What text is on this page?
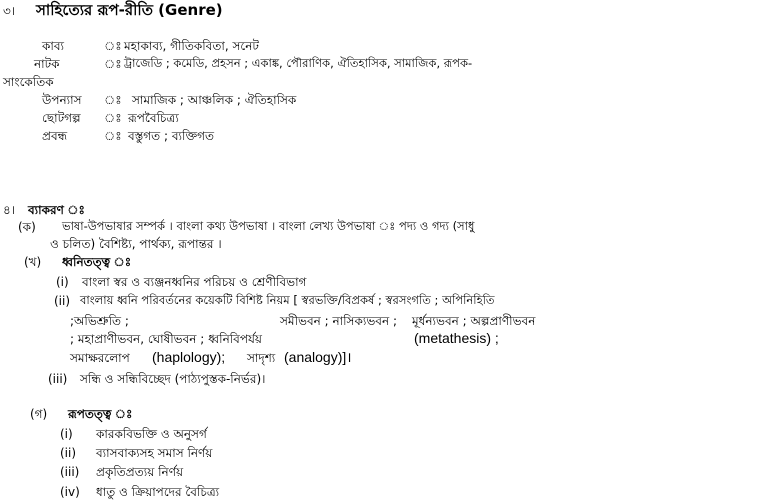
৩। সাহিত্যের রূপ-রীতি (Genre)
কাব্য	ঃ মহাকাব্য, গীতিকবিতা, সনেট
নাটক	ঃ ট্রাজেডি ; কমেডি, প্রহসন ; একাঙ্ক, পৌরাণিক, ঐতিহাসিক, সামাজিক, রূপক-
সাংকেতিক
উপন্যাস ঃ সামাজিক ; আঞ্চলিক ; ঐতিহাসিক
ছোটগল্প ঃ রূপবৈচিত্র্য
প্রবন্ধ	ঃ বস্তুগত ; ব্যক্তিগত
৪। ব্যাকরণ ঃ
(ক) ভাষা-উপভাষার সম্পর্ক । বাংলা কথ্য উপভাষা । বাংলা লেখ্য উপভাষা ঃ পদ্য ও গদ্য (সাধু
ও চলিত) বৈশিষ্ট্য, পার্থক্য, রূপান্তর ।
(খ) ধ্বনিতত্ত্ব ঃ
(i) বাংলা স্বর ও ব্যঞ্জনধ্বনির পরিচয় ও শ্রেণীবিভাগ
(ii) বাংলায় ধ্বনি পরিবর্তনের কয়েকটি বিশিষ্ট নিয়ম [ স্বরভক্তি/বিপ্রকর্ষ ; স্বরসংগতি ; অপিনিহিতি
;অভিশ্রুতি ;	সমীভবন ; নাসিক্যভবন ; মূর্ধন্যভবন ; অল্পপ্রাণীভবন
; মহাপ্রাণীভবন, ঘোষীভবন ; ধ্বনিবিপর্যয়	(metathesis) ;
সমাক্ষরলোপ (haplology); সাদৃশ্য (analogy)]।
(iii) সন্ধি ও সন্ধিবিচ্ছেদ (পাঠ্যপুস্তক-নির্ভর)।
(গ) রূপতত্ত্ব ঃ
(i) কারকবিভক্তি ও অনুসর্গ
(ii) ব্যাসবাক্যসহ সমাস নির্ণয়
(iii) প্রকৃতিপ্রত্যয় নির্ণয়
(iv) ধাতু ও ক্রিয়াপদের বৈচিত্র্য
